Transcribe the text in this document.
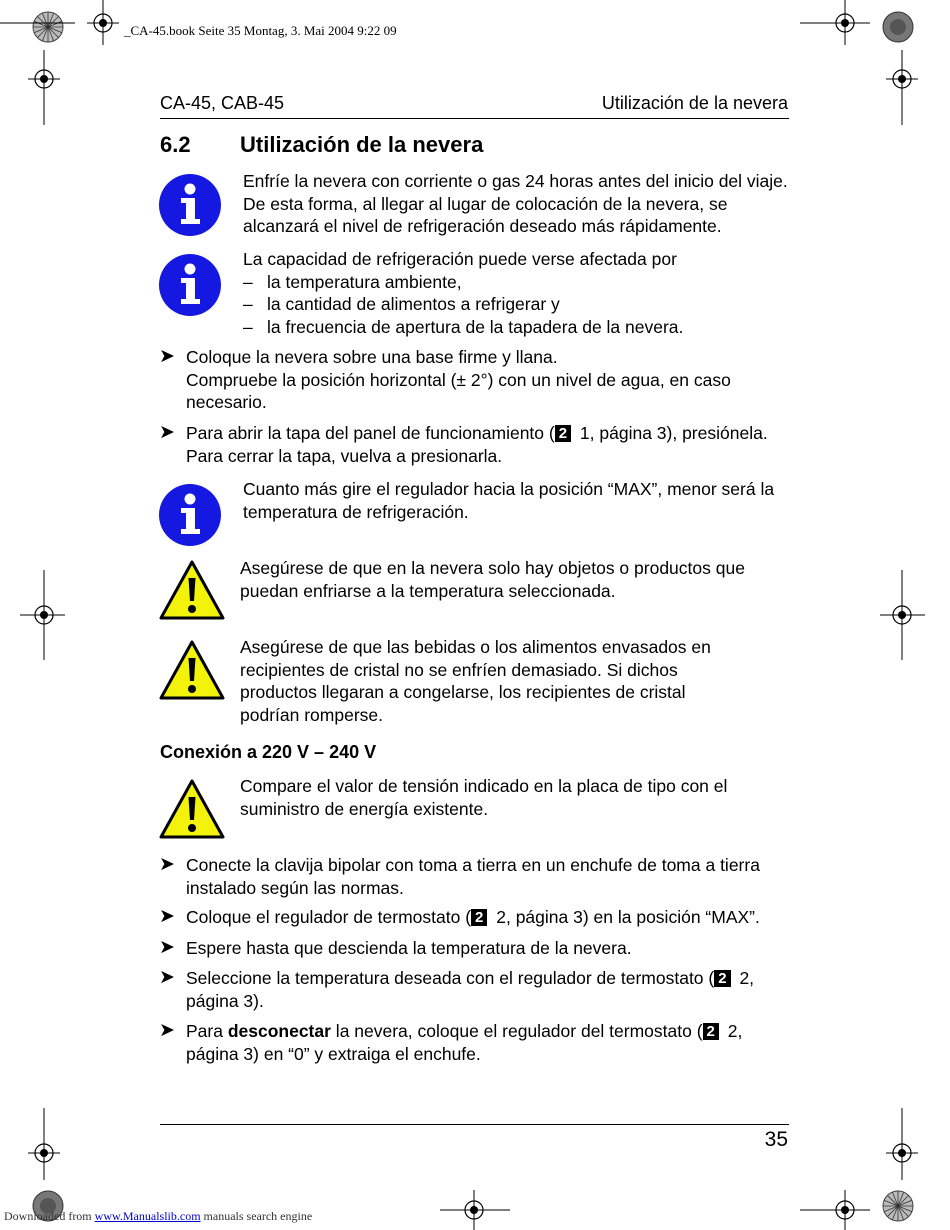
_CA-45.book Seite 35 Montag, 3. Mai 2004 9:22 09
CA-45, CAB-45	Utilización de la nevera
6.2 Utilización de la nevera
Enfríe la nevera con corriente o gas 24 horas antes del inicio del viaje. De esta forma, al llegar al lugar de colocación de la nevera, se alcanzará el nivel de refrigeración deseado más rápidamente.

La capacidad de refrigeración puede verse afectada por

– la temperatura ambiente,

– la cantidad de alimentos a refrigerar y

– la frecuencia de apertura de la tapadera de la nevera.

➤ Coloque la nevera sobre una base firme y llana.

Compruebe la posición horizontal (± 2°) con un nivel de agua, en caso necesario.

➤ Para abrir la tapa del panel de funcionamiento ( 2 1, página 3), presiónela. Para cerrar la tapa, vuelva a presionarla.
Cuanto más gire el regulador hacia la posición “MAX”, menor será la temperatura de refrigeración.
Asegúrese de que en la nevera solo hay objetos o productos que puedan enfriarse a la temperatura seleccionada.
Asegúrese de que las bebidas o los alimentos envasados en recipientes de cristal no se enfríen demasiado. Si dichos productos llegaran a congelarse, los recipientes de cristal podrían romperse.
Conexión a 220 V – 240 V
Compare el valor de tensión indicado en la placa de tipo con el suministro de energía existente.
➤ Conecte la clavija bipolar con toma a tierra en un enchufe de toma a tierra instalado según las normas.
➤ Coloque el regulador de termostato ( 2 2, página 3) en la posición “MAX”.
➤ Espere hasta que descienda la temperatura de la nevera.
➤ Seleccione la temperatura deseada con el regulador de termostato ( 2 2, página 3).
➤ Para desconectar la nevera, coloque el regulador del termostato ( 2 2, página 3) en “0” y extraiga el enchufe.
35
Downloaded from www.Manualslib.com manuals search engine
